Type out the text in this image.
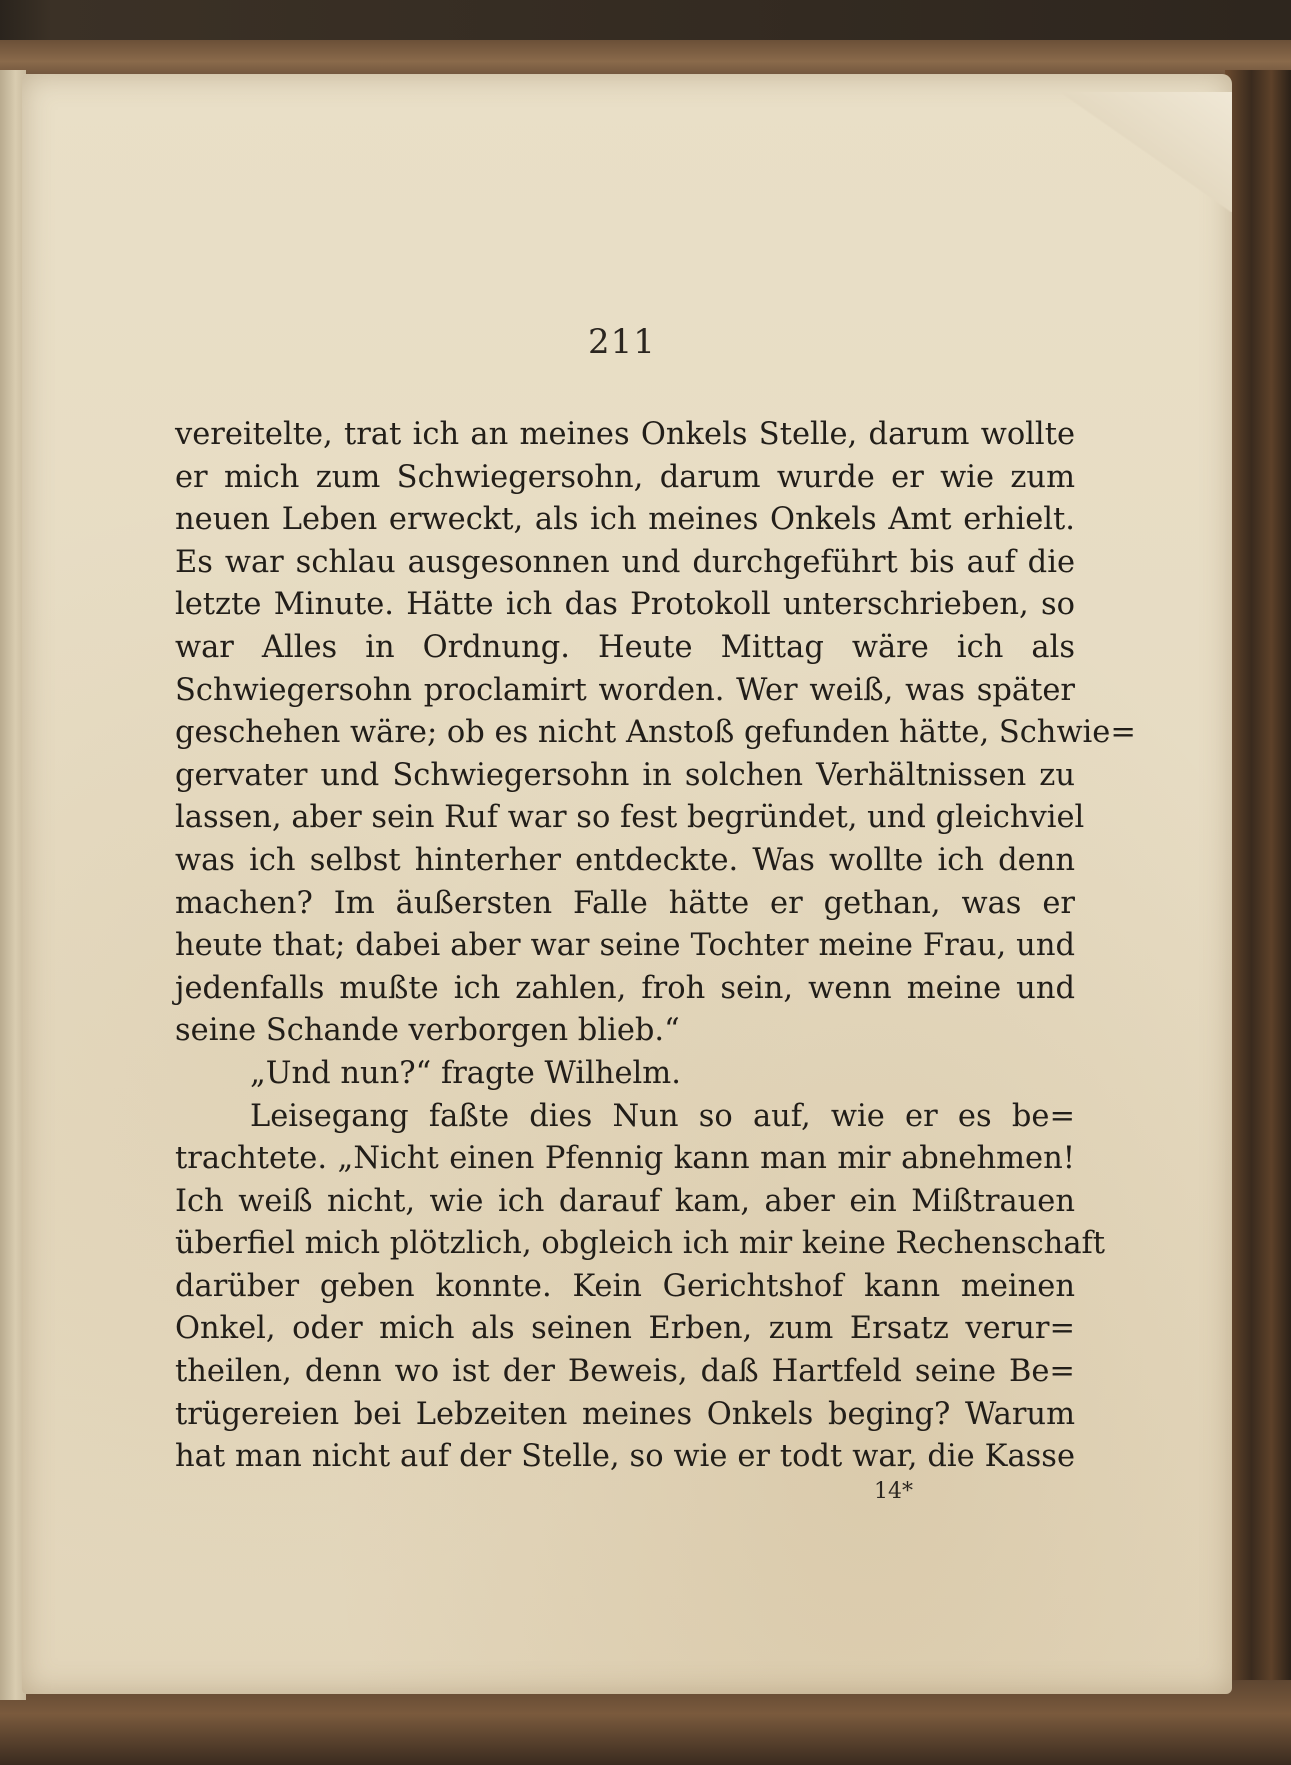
211
vereitelte, trat ich an meines Onkels Stelle, darum wollte
er mich zum Schwiegersohn, darum wurde er wie zum
neuen Leben erweckt, als ich meines Onkels Amt erhielt.
Es war schlau ausgesonnen und durchgeführt bis auf die
letzte Minute. Hätte ich das Protokoll unterschrieben, so
war Alles in Ordnung. Heute Mittag wäre ich als
Schwiegersohn proclamirt worden. Wer weiß, was später
geschehen wäre; ob es nicht Anstoß gefunden hätte, Schwie=
gervater und Schwiegersohn in solchen Verhältnissen zu
lassen, aber sein Ruf war so fest begründet, und gleichviel
was ich selbst hinterher entdeckte. Was wollte ich denn
machen? Im äußersten Falle hätte er gethan, was er
heute that; dabei aber war seine Tochter meine Frau, und
jedenfalls mußte ich zahlen, froh sein, wenn meine und
seine Schande verborgen blieb.“
„Und nun?“ fragte Wilhelm.
Leisegang faßte dies Nun so auf, wie er es be=
trachtete. „Nicht einen Pfennig kann man mir abnehmen!
Ich weiß nicht, wie ich darauf kam, aber ein Mißtrauen
überfiel mich plötzlich, obgleich ich mir keine Rechenschaft
darüber geben konnte. Kein Gerichtshof kann meinen
Onkel, oder mich als seinen Erben, zum Ersatz verur=
theilen, denn wo ist der Beweis, daß Hartfeld seine Be=
trügereien bei Lebzeiten meines Onkels beging? Warum
hat man nicht auf der Stelle, so wie er todt war, die Kasse
14*
